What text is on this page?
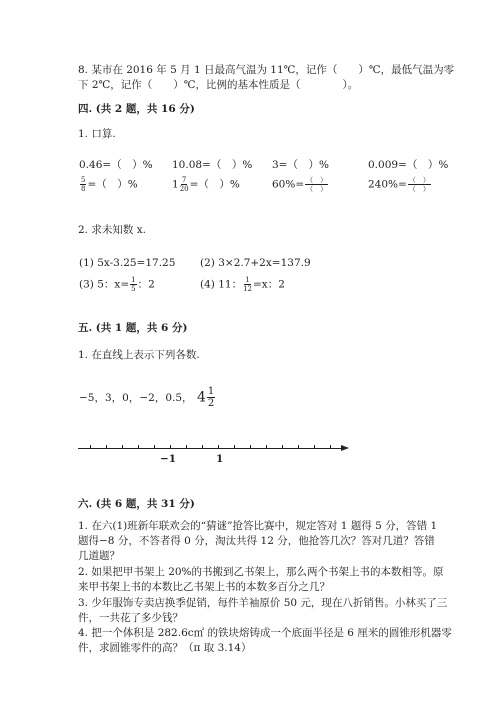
8. 某市在 2016 年 5 月 1 日最高气温为 11℃，记作（　　）℃，最低气温为零
下 2℃，记作（　　）℃，比例的基本性质是（　　　　）。
四. (共 2 题，共 16 分)
1. 口算.
0.46=（　）% 10.08=（　）% 3=（　）%	0.009=（　）%
$\frac{5}{8}$ =（　）%	$1 \frac{7}{20}$ =（　）%	$60\%= \frac{( )}{( )}$	$240\%= \frac{( )}{( )}$
2. 求未知数 x.
(1) 5x-3.25=17.25 (2) 3×2.7+2x=137.9
(3) 5：$x= \frac{1}{5}$ ：2	(4) 11： $\frac{1}{12} =x$：2
五. (共 1 题，共 6 分)
1. 在直线上表示下列各数.
−5，3，0，−2，0.5， $4 \frac{1}{2}$
−1	1
六. (共 6 题，共 31 分)
1. 在六(1)班新年联欢会的“猜谜”抢答比赛中，规定答对 1 题得 5 分，答错 1
题得−8 分，不答者得 0 分，淘汰共得 12 分，他抢答几次？答对几道？答错
几道题？
2. 如果把甲书架上 20%的书搬到乙书架上，那么两个书架上书的本数相等。原
来甲书架上书的本数比乙书架上书的本数多百分之几？
3. 少年服饰专卖店换季促销，每件羊袖原价 50 元，现在八折销售。小林买了三
件，一共花了多少钱？
4. 把一个体积是 282.6c㎡ 的铁块熔铸成一个底面半径是 6 厘米的圆锥形机器零
件，求圆锥零件的高？（π 取 3.14）
